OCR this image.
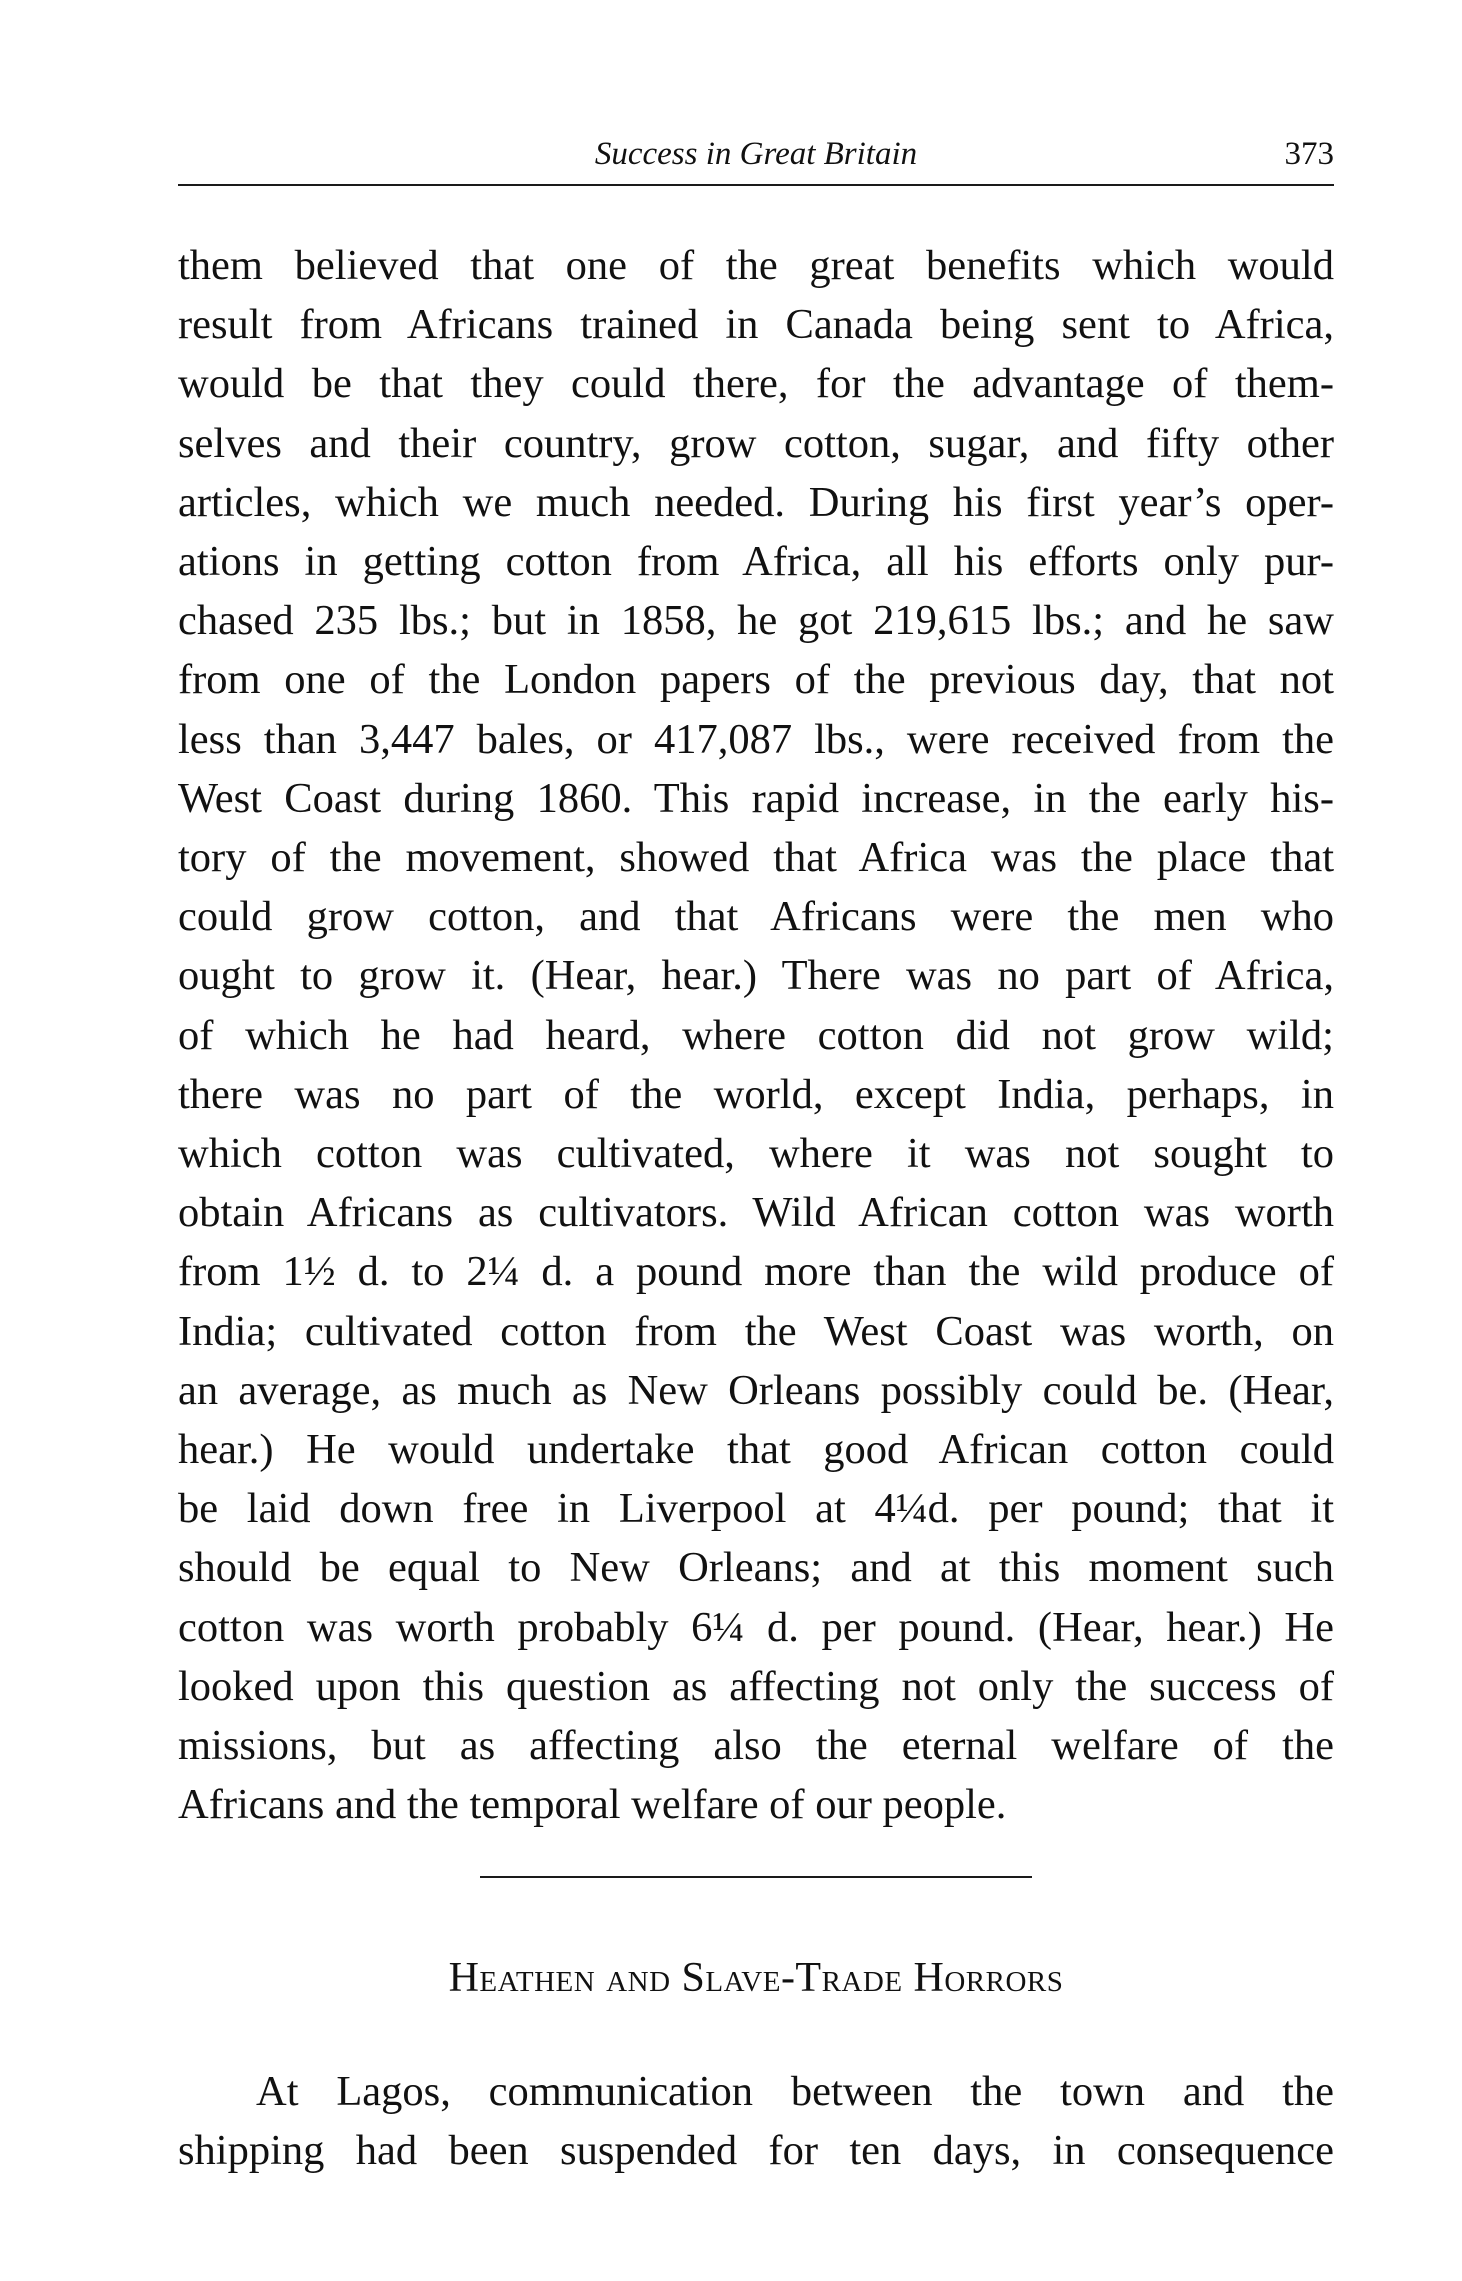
Success in Great Britain	373

them believed that one of the great benefits which would
result from Africans trained in Canada being sent to Africa,
would be that they could there, for the advantage of them-
selves and their country, grow cotton, sugar, and fifty other
articles, which we much needed. During his first year’s oper-
ations in getting cotton from Africa, all his efforts only pur-
chased 235 lbs.; but in 1858, he got 219,615 lbs.; and he saw
from one of the London papers of the previous day, that not
less than 3,447 bales, or 417,087 lbs., were received from the
West Coast during 1860. This rapid increase, in the early his-
tory of the movement, showed that Africa was the place that
could grow cotton, and that Africans were the men who
ought to grow it. (Hear, hear.) There was no part of Africa,
of which he had heard, where cotton did not grow wild;
there was no part of the world, except India, perhaps, in
which cotton was cultivated, where it was not sought to
obtain Africans as cultivators. Wild African cotton was worth
from 1½ d. to 2¼ d. a pound more than the wild produce of
India; cultivated cotton from the West Coast was worth, on
an average, as much as New Orleans possibly could be. (Hear,
hear.) He would undertake that good African cotton could
be laid down free in Liverpool at 4¼d. per pound; that it
should be equal to New Orleans; and at this moment such
cotton was worth probably 6¼ d. per pound. (Hear, hear.) He
looked upon this question as affecting not only the success of
missions, but as affecting also the eternal welfare of the
Africans and the temporal welfare of our people.

Heathen and Slave-Trade Horrors

At Lagos, communication between the town and the
shipping had been suspended for ten days, in consequence
